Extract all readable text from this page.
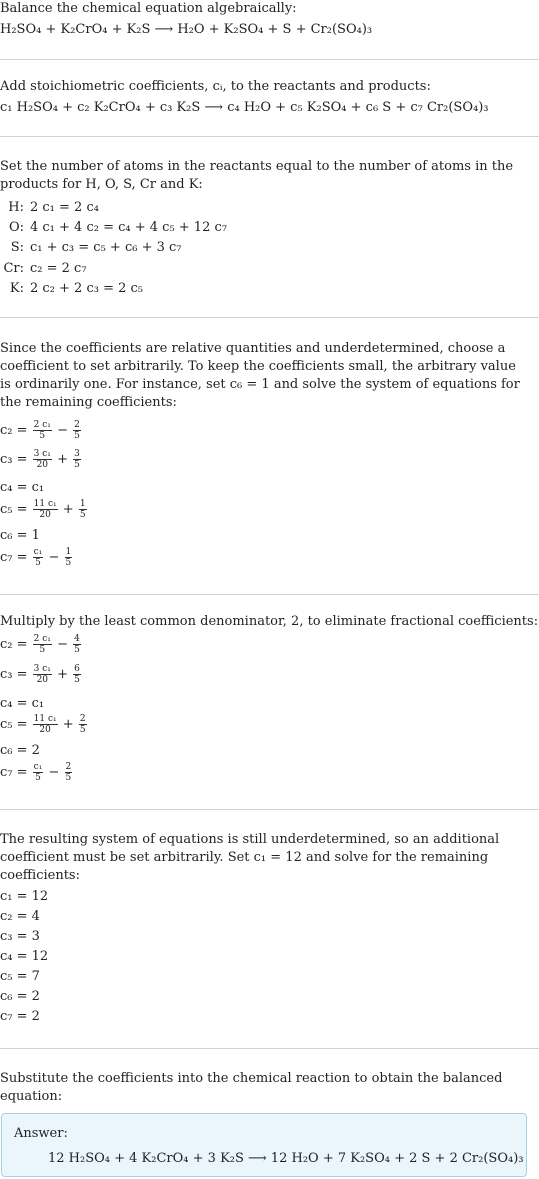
Balance the chemical equation algebraically:
H₂SO₄ + K₂CrO₄ + K₂S ⟶ H₂O + K₂SO₄ + S + Cr₂(SO₄)₃
Add stoichiometric coefficients, cᵢ, to the reactants and products:
c₁ H₂SO₄ + c₂ K₂CrO₄ + c₃ K₂S ⟶ c₄ H₂O + c₅ K₂SO₄ + c₆ S + c₇ Cr₂(SO₄)₃
Set the number of atoms in the reactants equal to the number of atoms in the products for H, O, S, Cr and K:
H: 2 c₁ = 2 c₄
O: 4 c₁ + 4 c₂ = c₄ + 4 c₅ + 12 c₇
S: c₁ + c₃ = c₅ + c₆ + 3 c₇
Cr: c₂ = 2 c₇
K: 2 c₂ + 2 c₃ = 2 c₅
Since the coefficients are relative quantities and underdetermined, choose a coefficient to set arbitrarily. To keep the coefficients small, the arbitrary value is ordinarily one. For instance, set c₆ = 1 and solve the system of equations for the remaining coefficients:
$c_2 = \frac{\text{2 c₁}}{5} - \frac{2}{5}$
$c_3 = \frac{\text{3 c₁}}{20} + \frac{3}{5}$
c₄ = c₁
$c_5 = \frac{\text{11 c₁}}{20} + \frac{1}{5}$
c₆ = 1
$c_7 = \frac{\text{c₁}}{5} - \frac{1}{5}$
Multiply by the least common denominator, 2, to eliminate fractional coefficients:
$c_2 = \frac{\text{2 c₁}}{5} - \frac{4}{5}$
$c_3 = \frac{\text{3 c₁}}{20} + \frac{6}{5}$
c₄ = c₁
$c_5 = \frac{\text{11 c₁}}{20} + \frac{2}{5}$
c₆ = 2
$c_7 = \frac{\text{c₁}}{5} - \frac{2}{5}$
The resulting system of equations is still underdetermined, so an additional coefficient must be set arbitrarily. Set c₁ = 12 and solve for the remaining coefficients:
c₁ = 12
c₂ = 4
c₃ = 3
c₄ = 12
c₅ = 7
c₆ = 2
c₇ = 2
Substitute the coefficients into the chemical reaction to obtain the balanced equation:
Answer:
12 H₂SO₄ + 4 K₂CrO₄ + 3 K₂S ⟶ 12 H₂O + 7 K₂SO₄ + 2 S + 2 Cr₂(SO₄)₃
